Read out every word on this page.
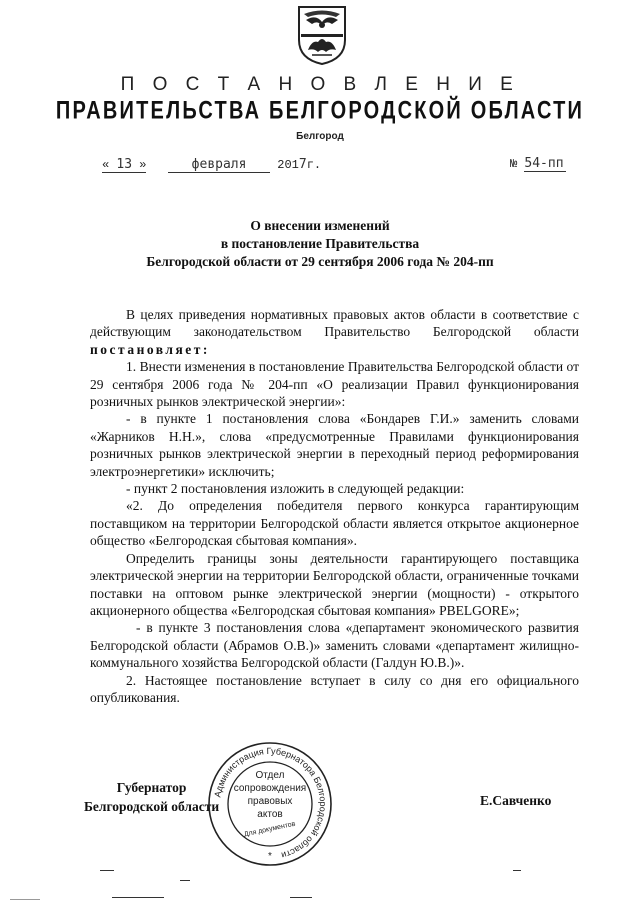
П О С Т А Н О В Л Е Н И Е
ПРАВИТЕЛЬСТВА БЕЛГОРОДСКОЙ ОБЛАСТИ
Белгород
« 13 »	февраля	2017г.	№ 54-пп
О внесении изменений
в постановление Правительства
Белгородской области от 29 сентября 2006 года № 204-пп

В целях приведения нормативных правовых актов области в соответствие с действующим законодательством Правительство Белгородской области постановляет:

1. Внести изменения в постановление Правительства Белгородской области от 29 сентября 2006 года № 204-пп «О реализации Правил функционирования розничных рынков электрической энергии»:

- в пункте 1 постановления слова «Бондарев Г.И.» заменить словами «Жарников Н.Н.», слова «предусмотренные Правилами функционирования розничных рынков электрической энергии в переходный период реформирования электроэнергетики» исключить;

- пункт 2 постановления изложить в следующей редакции:

«2. До определения победителя первого конкурса гарантирующим поставщиком на территории Белгородской области является открытое акционерное общество «Белгородская сбытовая компания».

Определить границы зоны деятельности гарантирующего поставщика электрической энергии на территории Белгородской области, ограниченные точками поставки на оптовом рынке электрической энергии (мощности) - открытого акционерного общества «Белгородская сбытовая компания» PBELGORE»;

- в пункте 3 постановления слова «департамент экономического развития Белгородской области (Абрамов О.В.)» заменить словами «департамент жилищно-коммунального хозяйства Белгородской области (Галдун Ю.В.)».

2. Настоящее постановление вступает в силу со дня его официального опубликования.

Губернатор
Белгородской области	Е.Савченко
Администрация Губернатора Белгородской области
Отдел
сопровождения
правовых
актов
Для документов
*
